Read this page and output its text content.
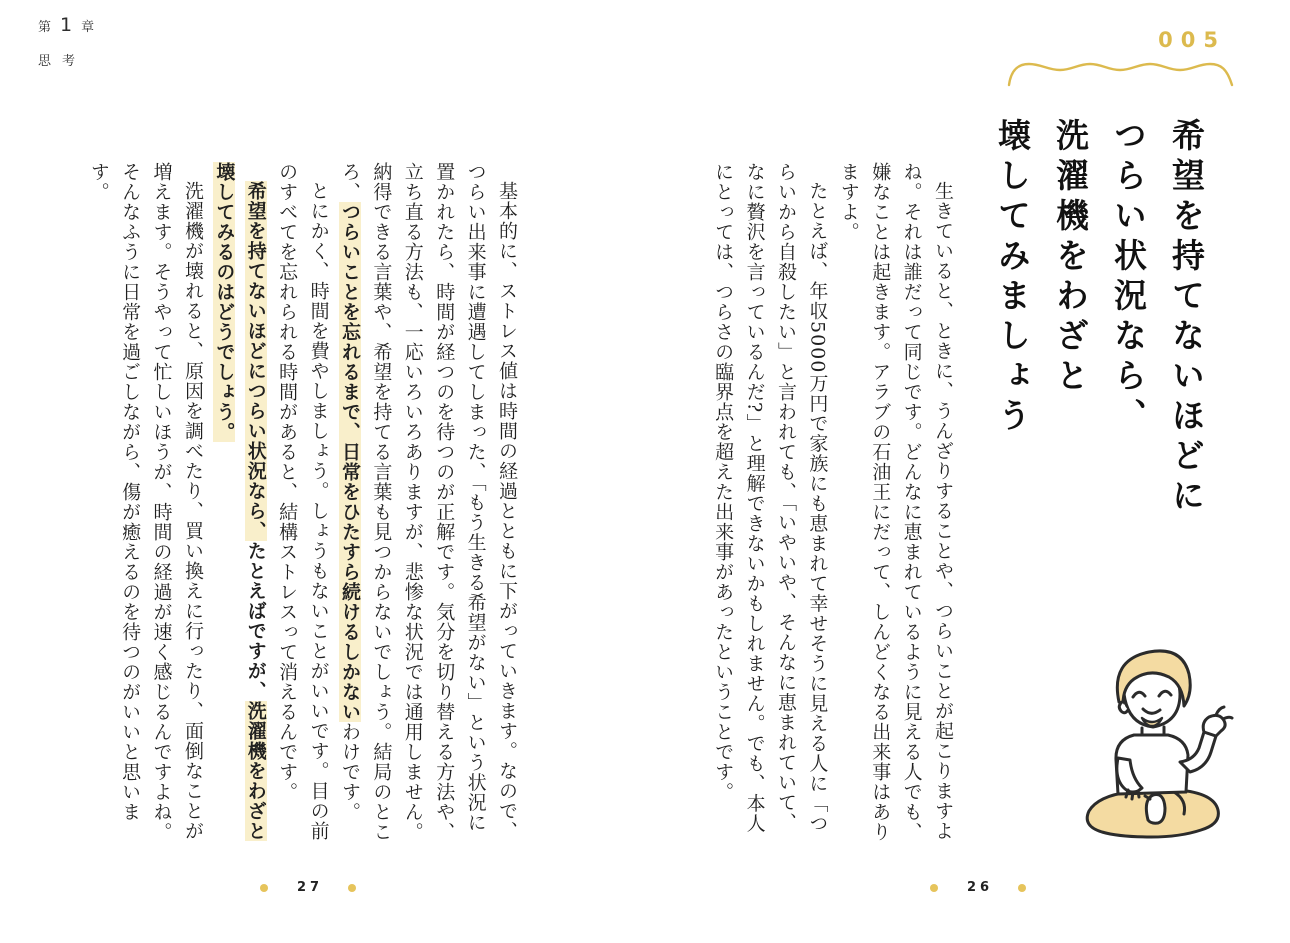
第 1 章
思考
005
希望を持てないほどに
つらい状況なら、
洗濯機をわざと
壊してみましょう

生きていると、ときに、うんざりすることや、つらいことが起こりますよね。それは誰だって同じです。どんなに恵まれているように見える人でも、嫌なことは起きます。アラブの石油王にだって、しんどくなる出来事はありますよ。

たとえば、年収5000万円で家族にも恵まれて幸せそうに見える人に「つらいから自殺したい」と言われても、「いやいや、そんなに恵まれていて、なに贅沢を言っているんだ?」と理解できないかもしれません。でも、本人にとっては、つらさの臨界点を超えた出来事があったということです。

26

基本的に、ストレス値は時間の経過とともに下がっていきます。なので、つらい出来事に遭遇してしまった、「もう生きる希望がない」という状況に置かれたら、時間が経つのを待つのが正解です。気分を切り替える方法や、立ち直る方法も、一応いろいろありますが、悲惨な状況では通用しません。納得できる言葉や、希望を持てる言葉も見つからないでしょう。結局のところ、つらいことを忘れるまで、日常をひたすら続けるしかないわけです。

とにかく、時間を費やしましょう。しょうもないことがいいです。目の前のすべてを忘れられる時間があると、結構ストレスって消えるんです。

希望を持てないほどにつらい状況なら、たとえばですが、洗濯機をわざと壊してみるのはどうでしょう。

洗濯機が壊れると、原因を調べたり、買い換えに行ったり、面倒なことが増えます。そうやって忙しいほうが、時間の経過が速く感じるんですよね。そんなふうに日常を過ごしながら、傷が癒えるのを待つのがいいと思います。

27
